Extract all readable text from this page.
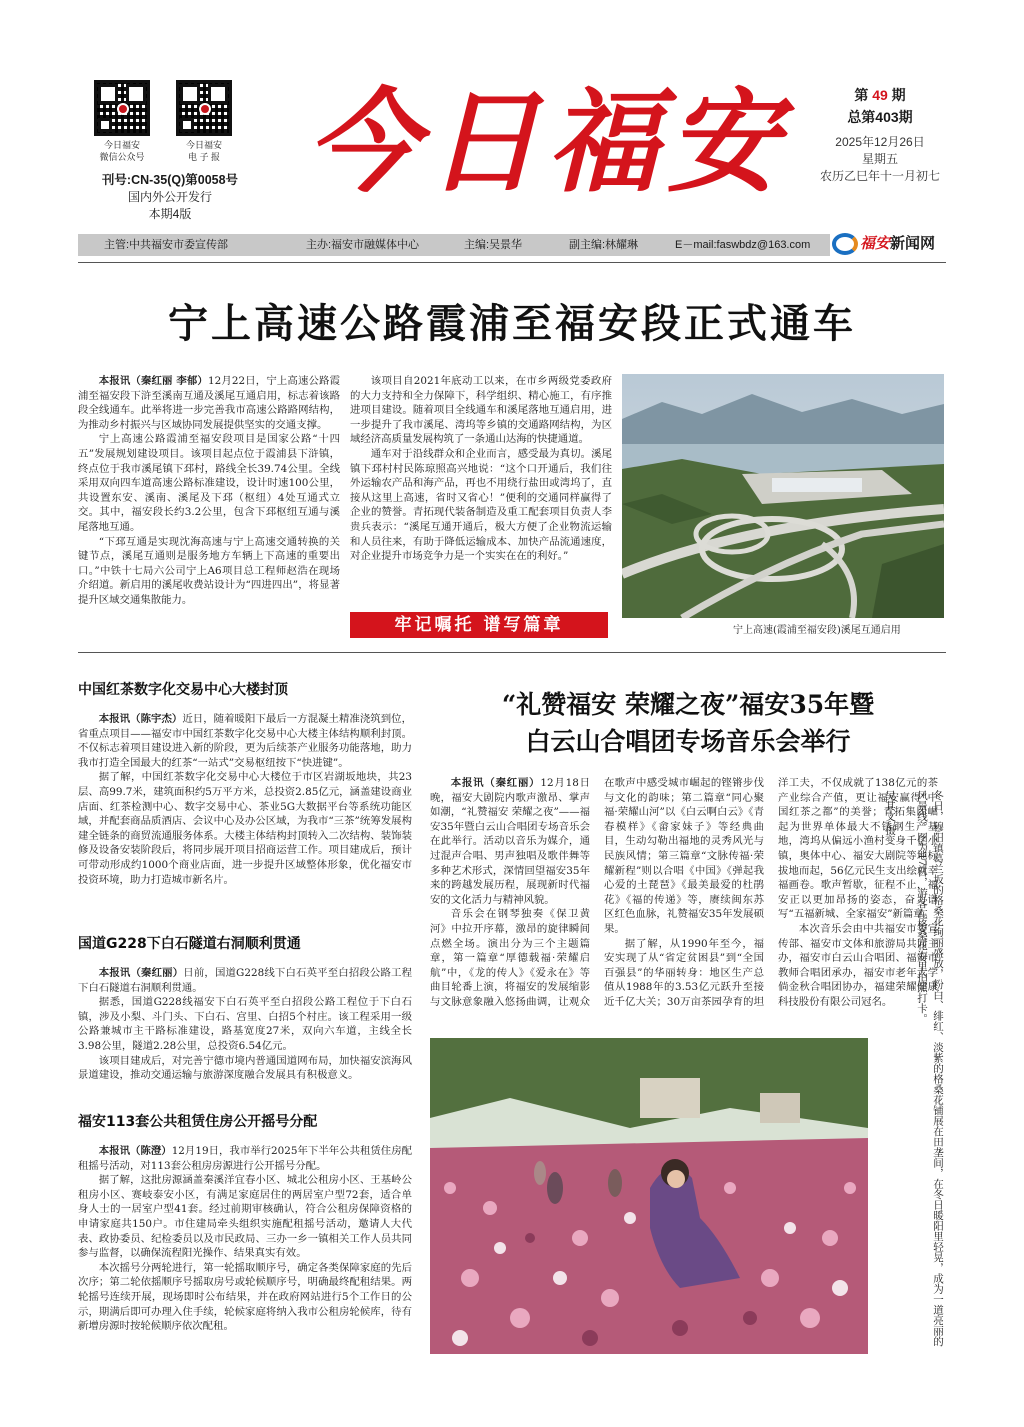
今日福安
微信公众号
今日福安
电 子 报
刊号:CN-35(Q)第0058号
国内外公开发行
本期4版
今日福安	第 49 期
总第403期
2025年12月26日
星期五
农历乙巳年十一月初七
主管:中共福安市委宣传部	主办:福安市融媒体中心	主编:吴景华	副主编:林耀琳	E－mail:faswbdz@163.com	福安新闻网
宁上高速公路霞浦至福安段正式通车

本报讯（秦红丽 李郁）12月22日，宁上高速公路霞浦至福安段下浒至溪南互通及溪尾互通启用，标志着该路段全线通车。此举将进一步完善我市高速公路路网结构，为推动乡村振兴与区域协同发展提供坚实的交通支撑。

宁上高速公路霞浦至福安段项目是国家公路“十四五”发展规划建设项目。该项目起点位于霞浦县下浒镇，终点位于我市溪尾镇下邳村，路线全长39.74公里。全线采用双向四车道高速公路标准建设，设计时速100公里，共设置东安、溪南、溪尾及下邳（枢纽）4处互通式立交。其中，福安段长约3.2公里，包含下邳枢纽互通与溪尾落地互通。

“下邳互通是实现沈海高速与宁上高速交通转换的关键节点，溪尾互通则是服务地方车辆上下高速的重要出口。”中铁十七局六公司宁上A6项目总工程师赵浩在现场介绍道。新启用的溪尾收费站设计为“四进四出”，将显著提升区域交通集散能力。

该项目自2021年底动工以来，在市乡两级党委政府的大力支持和全力保障下，科学组织、精心施工，有序推进项目建设。随着项目全线通车和溪尾落地互通启用，进一步提升了我市溪尾、湾坞等乡镇的交通路网结构，为区域经济高质量发展构筑了一条通山达海的快捷通道。

通车对于沿线群众和企业而言，感受最为真切。溪尾镇下邳村村民陈琼照高兴地说：“这个口开通后，我们往外运输农产品和海产品，再也不用绕行盐田或湾坞了，直接从这里上高速，省时又省心！”便利的交通同样赢得了企业的赞誉。青拓现代装备制造及重工配套项目负责人李贵兵表示：“溪尾互通开通后，极大方便了企业物流运输和人员往来，有助于降低运输成本、加快产品流通速度，对企业提升市场竞争力是一个实实在在的利好。”

牢记嘱托 谱写篇章	宁上高速(霞浦至福安段)溪尾互通启用
中国红茶数字化交易中心大楼封顶

本报讯（陈宇杰）近日，随着暖阳下最后一方混凝土精准浇筑到位，省重点项目——福安市中国红茶数字化交易中心大楼主体结构顺利封顶。不仅标志着项目建设进入新的阶段，更为后续茶产业服务功能落地，助力我市打造全国最大的红茶“一站式”交易枢纽按下“快进键”。

据了解，中国红茶数字化交易中心大楼位于市区岩湖坂地块，共23层、高99.7米，建筑面积约5万平方米，总投资2.85亿元，涵盖建设商业店面、红茶检测中心、数字交易中心、茶业5G大数据平台等系统功能区域，并配套商品质酒店、会议中心及办公区域，为我市“三茶”统筹发展构建全链条的商贸流通服务体系。大楼主体结构封顶转入二次结构、装饰装修及设备安装阶段后，将同步展开项目招商运营工作。项目建成后，预计可带动形成约1000个商业店面，进一步提升区域整体形象，优化福安市投资环境，助力打造城市新名片。

国道G228下白石隧道右洞顺利贯通

本报讯（秦红丽）日前，国道G228线下白石英平至白招段公路工程下白石隧道右洞顺利贯通。

据悉，国道G228线福安下白石英平至白招段公路工程位于下白石镇，涉及小梨、斗门头、下白石、宫里、白招5个村庄。该工程采用一级公路兼城市主干路标准建设，路基宽度27米，双向六车道，主线全长3.98公里，隧道2.28公里，总投资6.54亿元。

该项目建成后，对完善宁德市境内普通国道网布局，加快福安滨海风景道建设，推动交通运输与旅游深度融合发展具有积极意义。

福安113套公共租赁住房公开摇号分配

本报讯（陈澄）12月19日，我市举行2025年下半年公共租赁住房配租摇号活动，对113套公租房房源进行公开摇号分配。

据了解，这批房源涵盖秦溪洋宜春小区、城北公租房小区、王基岭公租房小区、赛岐泰安小区，有满足家庭居住的两居室户型72套，适合单身人士的一居室户型41套。经过前期审核确认，符合公租房保障资格的申请家庭共150户。市住建局牵头组织实施配租摇号活动，邀请人大代表、政协委员、纪检委员以及市民政局、三办一乡一镇相关工作人员共同参与监督，以确保流程阳光操作、结果真实有效。

本次摇号分两轮进行，第一轮摇取顺序号，确定各类保障家庭的先后次序；第二轮依摇顺序号摇取房号或轮候顺序号，明确最终配租结果。两轮摇号连续开展，现场即时公布结果，并在政府网站进行5个工作日的公示，期满后即可办理入住手续，轮候家庭将纳入我市公租房轮候库，待有新增房源时按轮候顺序依次配租。

“礼赞福安 荣耀之夜”福安35年暨
白云山合唱团专场音乐会举行

本报讯（秦红丽）12月18日晚，福安大剧院内歌声激昂、掌声如潮，“礼赞福安 荣耀之夜”——福安35年暨白云山合唱团专场音乐会在此举行。活动以音乐为媒介，通过混声合唱、男声独唱及歌伴舞等多种艺术形式，深情回望福安35年来的跨越发展历程，展现新时代福安的文化活力与精神风貌。

音乐会在钢琴独奏《保卫黄河》中拉开序幕，激昂的旋律瞬间点燃全场。演出分为三个主题篇章，第一篇章“厚德载福·荣耀启航”中，《龙的传人》《爱永在》等曲目轮番上演，将福安的发展缩影与文脉意象融入悠扬曲调，让观众在歌声中感受城市崛起的铿锵步伐与文化的韵味；第二篇章“同心聚福·荣耀山河”以《白云啊白云》《青春模样》《畲家妹子》等经典曲目，生动勾勒出福地的灵秀风光与民族风情；第三篇章“文脉传福·荣耀新程”则以合唱《中国》《弹起我心爱的土琵琶》《最美最爱的杜鹃花》《福的传递》等，赓续闽东苏区红色血脉，礼赞福安35年发展硕果。

据了解，从1990年至今，福安实现了从“省定贫困县”到“全国百强县”的华丽转身：地区生产总值从1988年的3.53亿元跃升至接近千亿大关；30万亩茶园孕育的坦洋工夫，不仅成就了138亿元的茶产业综合产值，更让福安赢得“中国红茶之都”的美誉；青拓集团崛起为世界单体最大不锈钢生产基地，湾坞从偏远小渔村变身千亿小镇，奥体中心、福安大剧院等地标拔地而起，56亿元民生支出绘就幸福画卷。歌声暂歇，征程不止，福安正以更加昂扬的姿态，奋力谱写“五福新城、全家福安”新篇章。

本次音乐会由中共福安市委宣传部、福安市文体和旅游局共同主办，福安市白云山合唱团、福安市教师合唱团承办，福安市老年大学倘金秋合唱团协办，福建荣耀健康科技股份有限公司冠名。	冬日，穆阳镇葛兰坂的格桑花绚丽盛放，粉白、绯红、淡紫的格桑花铺展在田垄间，在冬日暖阳里轻晃，成为一道亮丽的风景线。图为17日，游客在格桑花海里拍照打卡。

吴其文 摄
